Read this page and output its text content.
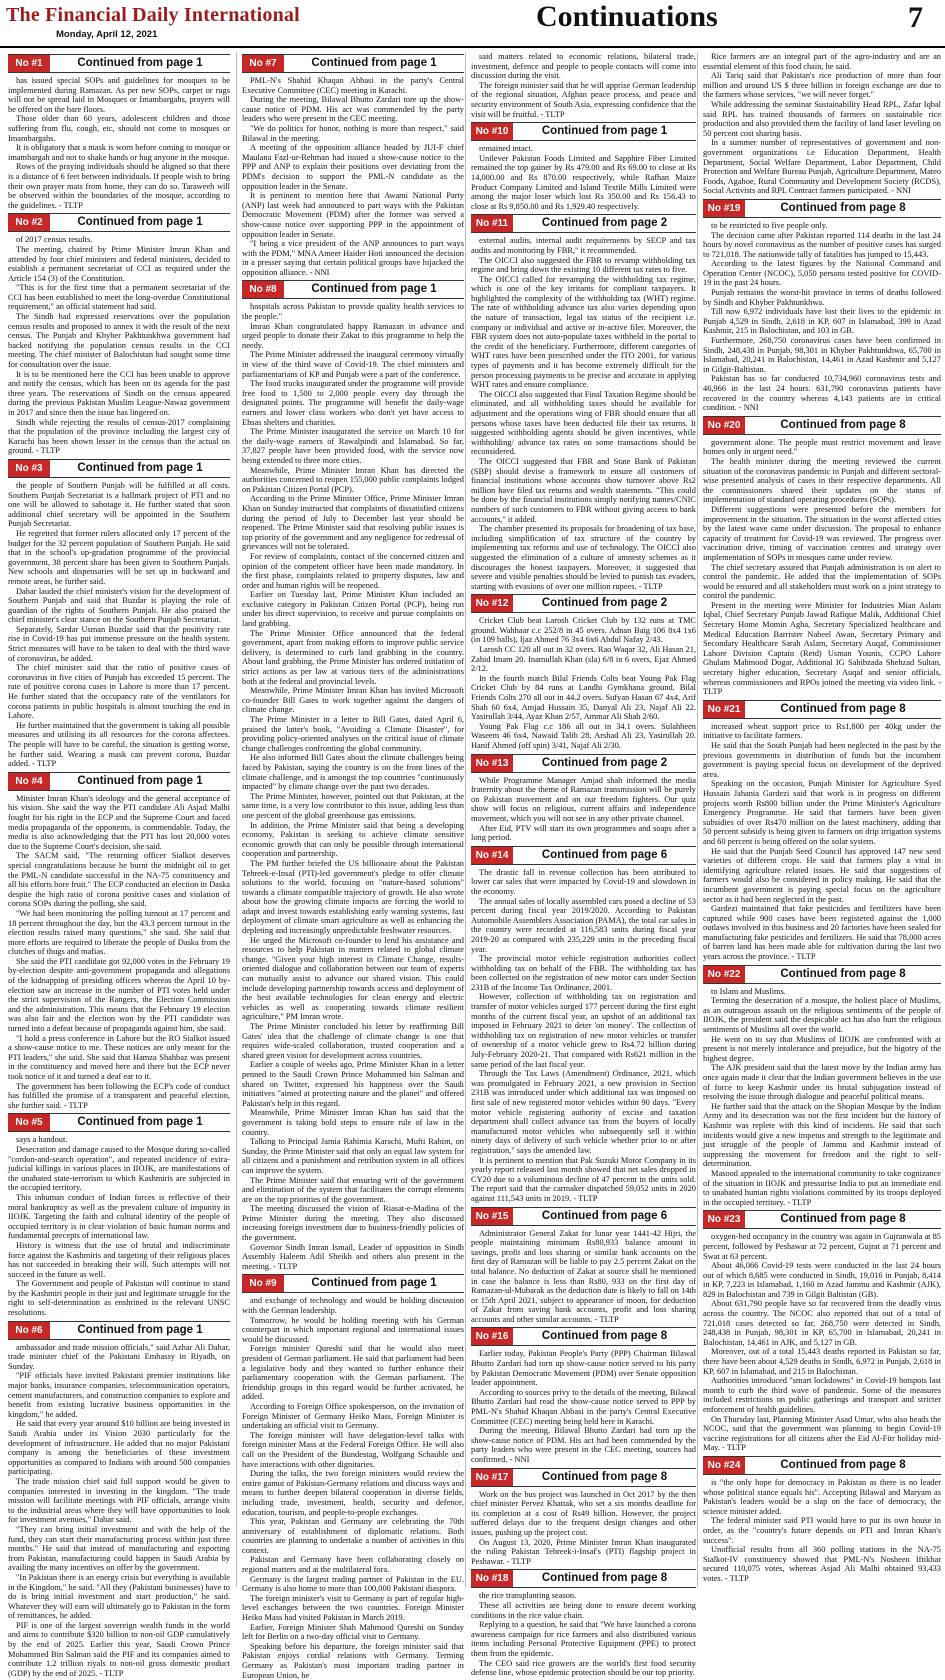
The Financial Daily International
Monday, April 12, 2021
Continuations	7
No #1	Continued from page 1

has issued special SOPs and guidelines for mosques to be implemented during Ramazan. As per new SOPs, carpet or rugs will not be spread laid in Mosques or Imambargahs, prayers will be offered on the bare floors.

Those older than 60 years, adolescent children and those suffering from flu, cough, etc, should not come to mosques or Imambargahs.

It is obligatory that a mask is worn before coming to mosque or imambargah and not to shake hands or hug anyone in the mosque.

Rows of the praying individuals should be aligned so that there is a distance of 6 feet between individuals. If people wish to bring their own prayer mats from home, they can do so. Taraweeh will be observed within the boundaries of the mosque, according to the guidelines. - TLTP

No #2	Continued from page 1

of 2017 census results.

The meeting, chaired by Prime Minister Imran Khan and attended by four chief ministers and federal ministers, decided to establish a permanent secretariat of CCI as required under the Article 154 (3) of the Constitution.

"This is for the first time that a permanent secretariat of the CCI has been established to meet the long-overdue Constitutional requirement," an official statement had said.

The Sindh had expressed reservations over the population census results and proposed to annex it with the result of the next census. The Punjab and Khyber Pakhtunkhwa government had backed notifying the population census results in the CCI meeting. The chief minister of Balochistan had sought some time for consultation over the issue.

It is to be mentioned here the CCI has been unable to approve and notify the census, which has been on its agenda for the past three years. The reservations of Sindh on the census appeared during the previous Pakistan Muslim League-Nawaz government in 2017 and since then the issue has lingered on.

Sindh while rejecting the results of census-2017 complaining that the population of the province including the largest city of Karachi has been shown lesser in the census than the actual on ground. - TLTP

No #3	Continued from page 1

the people of Southern Punjab will be fulfilled at all costs. Southern Punjab Secretariat is a hallmark project of PTI and no one will be allowed to sabotage it. He further stated that soon additional chief secretary will be appointed in the Southern Punjab Secretariat.

He regretted that former rulers allocated only 17 percent of the budget for the 32 percent population of Southern Punjab. He said that in the school's up-gradation programme of the provincial government, 38 percent share has been given to Southern Punjab. New schools and dispensaries will be set up in backward and remote areas, he further said.

Dahar lauded the chief minister's vision for the development of Southern Punjab and said that Buzdar is playing the role of guardian of the rights of Southern Punjab. He also praised the chief minister's clear stance on the Southern Punjab Secretariat.

Separately, Sardar Usman Buzdar said that the positivity rate rise in Covid-19 has put immense pressure on the health system. Strict measures will have to be taken to deal with the third wave of coronavirus, he added.

The chief minister said that the ratio of positive cases of coronavirus in five cities of Punjab has exceeded 15 percent. The rate of positive corona cases in Lahore is more than 17 percent. He further stated that the occupancy rate of the ventilators for corona patients in public hospitals is almost touching the end in Lahore.

He further maintained that the government is taking all possible measures and utilising its all resources for the corona affectees. The people will have to be careful, the situation is getting worse, he further said. Wearing a mask can prevent corona, Buzdar added. - TLTP

No #4	Continued from page 1

Minister Imran Khan's ideology and the general acceptance of his vision. She said the way the PTI candidate Ali Asjad Malhi fought for his right in the ECP and the Supreme Court and faced media propaganda of the opponents, is commendable. Today, the media is also acknowledging that the PTI has lost 20,000 votes due to the Supreme Court's decision, she said.

The SACM said, "The returning officer Sialkot deserves special congratulations because he burnt the midnight oil to get the PML-N candidate successful in the NA-75 constituency and all his efforts bore fruit." The ECP conducted an election in Daska despite the high ratio of corona positive cases and violation of corona SOPs during the polling, she said.

"We had been monitoring the polling turnout at 17 percent and 18 percent throughout the day, but the 43.3 percent turnout in the election results raised many questions," she said. She said that more efforts are required to liberate the people of Daska from the clutches of thugs and mafias.

She said the PTI candidate got 92,000 votes in the February 19 by-election despite anti-government propaganda and allegations of the kidnapping of presiding officers whereas the April 10 by-election saw an increase in the number of PTI votes held under the strict supervision of the Rangers, the Election Commission and the administration. This means that the February 19 election was also fair and the election won by the PTI candidate was turned into a defeat because of propaganda against him, she said.

"I hold a press conference in Lahore but the RO Sialkot issued a show-cause notice to me. These notices are only meant for the PTI leaders," she said. She said that Hamza Shahbaz was present in the constituency and moved here and there but the ECP never took notice of it and turned a deaf ear to it.

The government has been following the ECP's code of conduct has fulfilled the promise of a transparent and peaceful election, she further said. - TLTP

No #5	Continued from page 1

says a handout.

Desecration and damage caused to the Mosque during so-called "cordon-and-search operation", and repeated incidence of extra-judicial killings in various places in IIOJK, are manifestations of the unabated state-terrorism to which Kashmiris are subjected in the occupied territory.

This inhuman conduct of Indian forces is reflective of their moral bankruptcy as well as the prevalent culture of impunity in IIOJK. Targeting the faith and cultural identity of the people of occupied territory is in clear violation of basic human norms and fundamental precepts of international law.

History is witness that the use of brutal and indiscriminate force against the Kashmiris and targeting of their religious places has not succeeded in breaking their will. Such attempts will not succeed in the future as well.

The Government and people of Pakistan will continue to stand by the Kashmiri people in their just and legitimate struggle for the right to self-determination as enshrined in the relevant UNSC resolutions.

No #6	Continued from page 1

ambassador and trade mission officials," said Azhar Ali Dahar, trade minister chief of the Pakistani Embassy in Riyadh, on Sunday.

"PIF officials have invited Pakistani premier institutions like major banks, insurance companies, telecommunication operators, cement manufacturers, and construction companies to explore and benefit from existing lucrative business opportunities in the kingdom," he added.

He said that every year around $10 billion are being invested in Saudi Arabia under its Vision 2030 particularly for the development of infrastructure. He added that no major Pakistani company is among the beneficiaries of these investment opportunities as compared to Indians with around 500 companies participating.

The trade mission chief said full support would be given to companies interested in investing in the kingdom. "The trade mission will facilitate meetings with PIF officials, arrange visits to the industrial areas where they will have opportunities to look for investment avenues," Dahar said.

"They can bring initial investment and with the help of the fund, they can start their manufacturing process within just three months." He said that instead of manufacturing and exporting from Pakistan, manufacturing could happen in Saudi Arabia by availing the many incentives on offer by the government.

"In Pakistan there is an energy crisis but everything is available in the Kingdom," he said. "All they (Pakistani businesses) have to do is bring initial investment and start production," he said. Whatever they will earn will ultimately go to Pakistan in the form of remittances, he added.

PIF is one of the largest sovereign wealth funds in the world and aims to contribute $320 billion to non-oil GDP cumulatively by the end of 2025. Earlier this year, Saudi Crown Prince Mohammed Bin Salman said the PIF and its companies aimed to contribute 1.2 trillion riyals to non-oil gross domestic product (GDP) by the end of 2025. - TLTP

No #7	Continued from page 1

PML-N's Shahid Khaqan Abbasi in the party's Central Executive Committee (CEC) meeting in Karachi.

During the meeting, Bilawal Bhutto Zardari tore up the show-cause notice of PDM. His act was commended by the party leaders who were present in the CEC meeting.

"We do politics for honor, nothing is more than respect," said Bilawal in the meeting.

A meeting of the opposition alliance headed by JUI-F chief Maulana Fazl-ur-Rehman had issued a show-cause notice to the PPP and ANP to explain their positions over deviating from the PDM's decision to support the PML-N candidate as the opposition leader in the Senate.

It is pertinent to mention here that Awami National Party (ANP) last week had announced to part ways with the Pakistan Democratic Movement (PDM) after the former was served a show-cause notice over supporting PPP in the appointment of opposition leader in Senate.

"I being a vice president of the ANP announces to part ways with the PDM," MNA Ameer Haider Hoti announced the decision in a presser saying that certain political groups have hijacked the opposition alliance. - NNI

No #8	Continued from page 1

hospitals across Pakistan to provide quality health services to the people."

Imran Khan congratulated happy Ramazan in advance and urged people to donate their Zakat to this programme to help the needy.

The Prime Minister addressed the inaugural ceremony virtually in view of the third wave of Covid-19. The chief ministers and parliamentarians of KP and Punjab were a part of the conference.

The food trucks inaugurated under the programme will provide free food to 1,500 to 2,000 people every day through the designated points. The programme will benefit the daily-wage earners and lower class workers who don't yet have access to Ehsas shelters and charities.

The Prime Minister inaugurated the service on March 10 for the daily-wage earners of Rawalpindi and Islamabad. So far, 37,827 people have been provided food, with the service now being extended to three more cities.

Meanwhile, Prime Minister Imran Khan has directed the authorities concerned to reopen 155,000 public complaints lodged on Pakistan Citizen Portal (PCP).

According to the Prime Minister Office, Prime Minister Imran Khan on Sunday instructed that complaints of dissatisfied citizens during the period of July to December last year should be reopened. The Prime Minister said that resolving public issues is top priority of the government and any negligence for redressal of grievances will not be tolerated.

For review of complaints, contact of the concerned citizen and opinion of the competent officer have been made mandatory. In the first phase, complaints related to property disputes, law and order and human rights will be reopened.

Earlier on Tuesday last, Prime Minister Khan included an exclusive category in Pakistan Citizen Portal (PCP), being run under his direct supervision, to receive and pursue complaints on land grabbing.

The Prime Minister Office announced that the federal government, apart from making efforts to improve public service delivery, is determined to curb land grabbing in the country. About land grabbing, the Prime Minister has ordered initiation of strict actions as per law at various tiers of the administrations both at the federal and provincial levels.

Meanwhile, Prime Minister Imran Khan has invited Microsoft co-founder Bill Gates to work together against the dangers of climate change.

The Prime Minister in a letter to Bill Gates, dated April 6, praised the latter's book, "Avoiding a Climate Disaster", for providing policy-oriented analyses on the critical issue of climate change challenges confronting the global community.

He also informed Bill Gates about the climate challenges being faced by Pakistan, saying the country is on the front lines of the climate challenge, and is amongst the top countries "continuously impacted" by climate change over the past two decades.

The Prime Minister, however, pointed out that Pakistan, at the same time, is a very low contributor to this issue, adding less than one percent of the global greenhouse gas emissions.

In addition, the Prime Minister said that being a developing economy, Pakistan is seeking to achieve climate sensitive economic growth that can only be possible through international cooperation and partnership.

The PM further briefed the US billionaire about the Pakistan Tehreek-e-Insaf (PTI)-led government's pledge to offer climate solutions to the world, focusing on "nature-based solutions" towards a climate compatible trajectory of growth. He also wrote about how the growing climate impacts are forcing the world to adapt and invest towards establishing early warning systems, fast deployment of climate smart agriculture as well as enhancing the depleting and increasingly unpredictable freshwater resources.

He urged the Microsoft co-founder to lend his assistance and resources to help Pakistan in matters related to global climate change. "Given your high interest in Climate Change, results-oriented dialogue and collaboration between our team of experts can mutually assist to advance our shared vision. This could include developing partnership towards access and deployment of the best available technologies for clean energy and electric vehicles as well as cooperating towards climate resilient agriculture," PM Imran wrote.

The Prime Minister concluded his letter by reaffirming Bill Gates' idea that the challenge of climate change is one that requires wide-scaled collaboration, trusted cooperation and a shared green vision for development across countries.

Earlier a couple of weeks ago, Prime Minister Khan in a letter penned to the Saudi Crown Prince Mohammed bin Salman and shared on Twitter, expressed his happiness over the Saudi initiatives "aimed at protecting nature and the planet" and offered Pakistan's help in this regard.

Meanwhile, Prime Minister Imran Khan has said that the government is taking bold steps to ensure rule of law in the country.

Talking to Principal Jamia Rahimia Karachi, Mufti Rahim, on Sunday, the Prime Minister said that only an equal law system for all citizens and a punishment and retribution system in all offices can improve the system.

The Prime Minister said that ensuring writ of the government and elimination of the system that facilitates the corrupt elements are on the top priorities of the government.

The meeting discussed the vision of Riasat-e-Madina of the Prime Minister during the meeting. They also discussed increasing foreign investment due to business-friendly policies of the government.

Governor Sindh Imran Ismail, Leader of opposition in Sindh Assembly Haleem Adil Sheikh and others also present in the meeting. - TLTP

No #9	Continued from page 1

and exchange of technology and would be holding discussion with the German leadership.

Tomorrow, he would be holding meeting with his German counterpart in which important regional and international issues would be discussed.

Foreign minister Qureshi said that he would also meet president of German parliament. He said that parliament had been a legislative body and they wanted to further enhance their parliamentary cooperation with the German parliament. The friendship groups in this regard would be further activated, he added.

According to Foreign Office spokesperson, on the invitation of Foreign Minister of Germany Heiko Mass, Foreign Minister is undertaking an official visit to Germany.

The foreign minister will have delegation-level talks with foreign minister Mass at the Federal Foreign Office. He will also call on the President of the Bundestag, Wolfgang Schauble and have interactions with other dignitaries.

During the talks, the two foreign ministers would review the entire gamut of Pakistan-Germany relations and discuss ways and means to further deepen bilateral cooperation in diverse fields, including trade, investment, health, security and defence, education, tourism, and people-to-people exchanges.

This year, Pakistan and Germany are celebrating the 70th anniversary of establishment of diplomatic relations. Both countries are planning to undertake a number of activities in this context.

Pakistan and Germany have been collaborating closely on regional matters and at the multilateral fora.

Germany is the largest trading partner of Pakistan in the EU. Germany is also home to more than 100,000 Pakistani diaspora.

The foreign minister's visit to Germany is part of regular high-level exchanges between the two countries. Foreign Minister Heiko Mass had visited Pakistan in March 2019.

Earlier, Foreign Minister Shah Mahmood Qureshi on Sunday left for Berlin on a two-day official visit to Germany.

Speaking before his departure, the foreign minister said that Pakistan enjoys cordial relations with Germany. Terming Germany as Pakistan's most important trading partner in European Union, he

said matters related to economic relations, bilateral trade, investment, defence and people to people contacts will come into discussion during the visit.

The foreign minister said that he will apprise German leadership of the regional situation, Afghan peace process, and peace and security environment of South Asia, expressing confidence that the visit will be fruitful. - TLTP

No #10	Continued from page 1

remained intact.

Unilever Pakistan Foods Limited and Sapphire Fiber Limited remained the top gainer by Rs 479.00 and Rs 69.00 to close at Rs 14,000.00 and Rs 870.00 respectively, while Rafhan Maize Product Company Limited and Island Textile Mills Limited were among the major loser which lost Rs 350.00 and Rs 156.43 to close at Rs 9,850.00 and Rs 1,929.40 respectively.

No #11	Continued from page 2

external audits, internal audit requirements by SECP and tax audits and monitoring by FBR," it recommended.

The OICCI also suggested the FBR to revamp withholding tax regime and bring down the existing 10 different tax rates to five.

The OICCI called for revamping the withholding tax regime, which is one of the key irritants for compliant taxpayers. It highlighted the complexity of the withholding tax (WHT) regime. The rate of withholding advance tax also varies depending upon the nature of transaction, legal tax status of the recipient i.e. company or individual and active or in-active filer. Moreover, the FBR system does not auto-populate taxes withheld in the portal to the credit of the beneficiary. Furthermore, different categories of WHT rates have been prescribed under the ITO 2001, for various types of payments and it has become extremely difficult for the person processing payments to be precise and accurate in applying WHT rates and ensure compliance.

The OICCI also suggested that Final Taxation Regime should be eliminated, and all withholding taxes should be available for adjustment and the operations wing of FBR should ensure that all persons whose taxes have been deducted file their tax returns. It suggested withholding agents should be given incentives, while withholding/ advance tax rates on some transactions should be reconsidered.

The OICCI suggested that FBR and State Bank of Pakistan (SBP) should devise a framework to ensure all customers of financial institutions whose accounts show turnover above Rs2 million have filed tax returns and wealth statements. "This could be done by the financial institutions simply notifying names/CNIC numbers of such customers to FBR without giving access to bank accounts," it added.

The chamber presented its proposals for broadening of tax base, including simplification of tax structure of the country by implementing tax reforms and use of technology. The OICCI also suggested the elimination of a culture of amnesty schemes as it discourages the honest taxpayers. Moreover, it suggested that severe and visible penalties should be levied to punish tax evaders, starting with evasions of over one million rupees. - TLTP

No #12	Continued from page 2

Cricket Club beat Larosh Cricket Club by 132 runs at TMC ground. Wahhaar c.c 252/8 in 45 overs. Adnan Baig 106 8x4 1x6 (in 109 balls), Ijaz Ahmed 76 3x4 6x6 Abdul Nafay 2/43.

Larosh CC 120 all out in 32 overs. Rao Waqar 32, Ali Hasan 21, Zahid Imam 20. Inamullah Khan (sla) 6/8 in 6 overs, Ejaz Ahmed 2/12.

In the fourth match Bilal Friends Colts beat Young Pak Flag Cricket Club by 84 runs at Landhi Gymkhana ground. Bilal Friends Colts 270 all out in 44.2 overs. Sufyan Hasan 67 4x4, Arif Shah 60 6x4, Amjad Hussain 35, Danyal Ali 23, Najaf Ali 22. Yasirullah 3/44, Ayaz Khan 2/57, Ammar Ali Shah 2/60.

Young Pak Flag c.c 186 all out in 34.1 overs. Sulahheen Waseem 46 6x4, Nawaid Talib 28, Arshad Ali 23, Yasirullah 20. Hanif Ahmed (off spin) 3/41, Najaf Ali 2/30.

No #13	Continued from page 2

While Programme Manager Amjad shah informed the media fraternity about the theme of Ramazan transmission will be purely on Pakistan movement and on our freedom fighters. Our quiz show will focus on religious, current affairs and independence movement, which you will not see in any other private channel.

After Eid, PTV will start its own programmes and soaps after a long period.

No #14	Continued from page 6

The drastic fall in revenue collection has been attributed to lower car sales that were impacted by Covid-19 and slowdown in the economy.

The annual sales of locally assembled cars posed a decline of 53 percent during fiscal year 2019/2020. According to Pakistan Automobile Assemblers Association (PAMA), the total car sales in the country were recorded at 116,583 units during fiscal year 2019-20 as compared with 235,229 units in the preceding fiscal year.

The provincial motor vehicle registration authorities collect withholding tax on behalf of the FBR. The withholding tax has been collected on the registration of new motor cars under Section 231B of the Income Tax Ordinance, 2001.

However, collection of withholding tax on registration and transfer of motor vehicles surged 177 percent during the first eight months of the current fiscal year, an upshot of an additional tax imposed in February 2021 to deter 'on money'. The collection of withholding tax on registration of new motor vehicles or transfer of ownership of a motor vehicle grew to Rs4.72 billion during July-February 2020-21. That compared with Rs621 million in the same period of the last fiscal year.

Through the Tax Laws (Amendment) Ordinance, 2021, which was promulgated in February 2021, a new provision in Section 231B was introduced under which additional tax was imposed on first sale of new registered motor vehicles within 90 days. "Every motor vehicle registering authority of excise and taxation department shall collect advance tax from the buyers of locally manufactured motor vehicles who subsequently sell it within ninety days of delivery of such vehicle whether prior to or after registration," says the amended law.

It is pertinent to mention that Pak Suzuki Motor Company in its yearly report released last month showed that net sales dropped in CY20 due to a voluminous decline of 47 percent in the units sold. The report said that the carmaker dispatched 59,052 units in 2020 against 111,543 units in 2019. - TLTP

No #15	Continued from page 6

Administrator General Zakat for lunar year 1441-42 Hijri, the people maintaining minimum Rs80,933 balance amount in savings, profit and loss sharing or similar bank accounts on the first day of Ramazan will be liable to pay 2.5 percent Zakat on the total balance. No deduction of Zakat at source shall be mentioned in case the balance is less than Rs80, 933 on the first day of Ramazan-ul-Mubarak as the deduction date is likely to fall on 14th or 15th April 2021, subject to appearance of moon, for deduction of Zakat from saving bank accounts, profit and loss sharing accounts and other similar accounts. - TLTP

No #16	Continued from page 8

Earlier today, Pakistan People's Party (PPP) Chairman Bilawal Bhutto Zardari had torn up show-cause notice served to his party by Pakistan Democratic Movement (PDM) over Senate opposition leader appointment.

According to sources privy to the details of the meeting, Bilawal Bhutto Zardari had read the show-cause notice served to PPP by PML-N's Shahid Khaqan Abbasi in the party's Central Executive Committee (CEC) meeting being held here in Karachi.

During the meeting, Bilawal Bhutto Zardari had torn up the show-cause notice of PDM. His act had been commended by the party leaders who were present in the CEC meeting, sources had confirmed. - NNI

No #17	Continued from page 8

Work on the bus project was launched in Oct 2017 by the then chief minister Pervez Khattak, who set a six months deadline for its completion at a cost of Rs49 billion. However, the project suffered delays due to the frequent design changes and other issues, pushing up the project cost.

On August 13, 2020, Prime Minister Imran Khan inaugurated the ruling Pakistan Tehreek-i-Insaf's (PTI) flagship project in Peshawar. - TLTP

No #18	Continued from page 8

the rice transplanting season.

These all activities are being done to ensure decent working conditions in the rice value chain.

Replying to a question, he said that "We have launched a corona awareness campaign for rice farmers and also distributed various items including Personal Protective Equipment (PPE) to protect them from the epidemic.

The CEO said rice growers are the world's first food security defense line, whose epidemic protection should be our top priority.

Rice farmers are an integral part of the agro-industry and are an essential element of this food chain, he said.

Ali Tariq said that Pakistan's rice production of more than four million and around US $ three billion in foreign exchange are due to the farmers whose services, "we will never forget."

While addressing the seminar Sustainability Head RPL, Zafar Iqbal said RPL has trained thousands of farmers on sustainable rice production and also provided them the facility of land laser leveling on 50 percent cost sharing basis.

In a summer number of representatives of government and non-government organizations i.e Education Department, Health Department, Social Welfare Department, Labor Department, Child Protection and Welfare Bureau Punjab, Agriculture Department, Mateo Foods, Agahoe, Rural Community and Development Society (RCDS), Social Activists and RPL Contract farmers participated. - NNI

No #19	Continued from page 8

to be restricted to five people only.

The decision came after Pakistan reported 114 deaths in the last 24 hours by novel coronavirus as the number of positive cases has surged to 721,018. The nationwide tally of fatalities has jumped to 15,443.

According to the latest figures by the National Command and Operation Center (NCOC), 5,050 persons tested positive for COVID-19 in the past 24 hours.

Punjab remains the worst-hit province in terms of deaths followed by Sindh and Khyber Pakhtunkhwa.

Till now 6,972 individuals have lost their lives to the epidemic in Punjab 4,529 in Sindh, 2,618 in KP, 607 in Islamabad, 399 in Azad Kashmir, 215 in Balochistan, and 103 in GB.

Furthermore, 268,750 coronavirus cases have been confirmed in Sindh, 248,438 in Punjab, 98,301 in Khyber Pakhtunkhwa, 65,700 in Islamabad, 20,241 in Balochistan, 14,461 in Azad Kashmir and 5,127 in Gilgit-Baltistan.

Pakistan has so far conducted 10,734,960 coronavirus tests and 46,966 in the last 24 hours. 631,790 coronavirus patients have recovered in the country whereas 4,143 patients are in critical condition. - NNI

No #20	Continued from page 8

government alone. The people must restrict movement and leave homes only in urgent need."

The health minister during the meeting reviewed the current situation of the coronavirus pandemic in Punjab and different sectoral-wise presented analysis of cases in their respective departments. All the commissioners shared their updates on the status of implementation of standard operating procedures (SOPs).

Different suggestions were presented before the members for improvement in the situation. The situation in the worst affected cities by the latest wave came under discussion. The proposal to enhance capacity of treatment for Covid-19 was reviewed. The progress over vaccination drive, timing of vaccination centres and strategy over implementation of SOPs in mosques came under review.

The chief secretary assured that Punjab administration is on alert to control the pandemic. He added that the implementation of SOPs would be ensured and all stakeholders must work on a joint strategy to control the pandemic.

Present in the meeting were Minister for Industries Mian Aslam Iqbal, Chief Secretary Punjab Jawad Rafique Malik, Additional Chief Secretary Home Momin Agha, Secretary Specialized healthcare and Medical Education Barrister Nabeel Awan, Secretary Primary and Secondary Healthcare Sarah Aslam, Secretary Auqaf, Commissioner Lahore Division Captain (Retd) Usman Younis, CCPO Lahore Ghulam Mahmood Dogar, Additional IG Sahibzada Shehzad Sultan, secretary higher education, Secretary Auqaf and senior officials, whereas commissioners and RPOs joined the meeting via video link. - TLTP

No #21	Continued from page 8

increased wheat support price to Rs1,800 per 40kg under the initiative to facilitate farmers.

He said that the South Punjab had been neglected in the past by the previous governments in distribution of funds but the incumbent government is paying special focus on development of the deprived area.

Speaking on the occasion, Punjab Minister for Agriculture Syed Hussain Jahania Gardezi said that work is in progress on different projects worth Rs800 billion under the Prime Minister's Agriculture Emergency Programme. He said that farmers have been given subsidies of over Rs470 million on the latest machinery, adding that 50 percent subsidy is being given to farmers on drip irrigation systems and 60 percent is being offered on the solar system.

He said that the Punjab Seed Council has approved 147 new seed varieties of different crops. He said that farmers play a vital in identifying agriculture related issues. He said that suggestions of farmers would also be considered in policy making. He said that the incumbent government is paying special focus on the agriculture sector as it had been neglected in the past.

Gardezi maintained that fake pesticides and fertilizers have been captured while 900 cases have been registered against the 1,000 outlaws involved in this business and 20 factories have been sealed for manufacturing fake pesticides and fertilizers. He said that 78,000 acres of barren land has been made able for cultivation during the last two years across the province. - TLTP

No #22	Continued from page 8

to Islam and Muslims.

Terming the desecration of a mosque, the holiest place of Muslims, as an outrageous assault on the religious sentiments of the people of IIOJK, the president said the despicable act has also hurt the religious sentiments of Muslims all over the world.

He went on to say that Muslims of IIOJK are confronted with at present is not merely intolerance and prejudice, but the bigotry of the highest degree.

The AJK president said that the latest move by the Indian army has once again made it clear that the Indian government believes in the use of force to keep Kashmir under its brutal subjugation instead of resolving the issue through dialogue and peaceful political means.

He further said that the attack on the Shopian Mosque by the Indian Army and its desecration was not the first incident but the history of Kashmir was replete with this kind of incidents. He said that such incidents would give a new impetus and strength to the legitimate and just struggle of the people of Jammu and Kashmir instead of suppressing the movement for freedom and the right to self-determination.

Masood appealed to the international community to take cognizance of the situation in IIOJK and pressurise India to put an immediate end to unabated human rights violations committed by its troops deployed in the occupied territory. - TLTP

No #23	Continued from page 8

oxygen-bed occupancy in the country was again in Gujranwala at 85 percent, followed by Peshawar at 72 percent, Gujrat at 71 percent and Swat at 63 percent.

About 46,066 Covid-19 tests were conducted in the last 24 hours out of which 8,685 were conducted in Sindh, 19,016 in Punjab, 8,414 in KP, 7,223 in Islamabad, 1,160 in Azad Jammu and Kashmir (AJK), 829 in Balochistan and 739 in Gilgit Baltistan (GB).

About 631,790 people have so far recovered from the deadly virus across the country. The NCOC also reported that out of a total of 721,018 cases detected so far, 268,750 were detected in Sindh, 248,438 in Punjab, 98,301 in KP, 65,700 in Islamabad, 20,241 in Balochistan, 14,461 in AJK, and 5,127 in GB.

Moreover, out of a total 15,443 deaths reported in Pakistan so far, there have been about 4,529 deaths in Sindh, 6,972 in Punjab, 2,618 in KP, 607 in Islamabad, and 215 in Balochistan.

Authorities introduced "smart lockdowns" in Covid-19 hotspots last month to curb the third wave of pandemic. Some of the measures included restrictions on public gatherings and transport and stricter enforcement of health guidelines.

On Thursday last, Planning Minister Asad Umar, who also heads the NCOC, said that the government was planning to begin Covid-19 vaccine registrations for all citizens after the Eid Al-Fitr holiday mid-May. - TLTP

No #24	Continued from page 8

is "the only hope for democracy in Pakistan as there is no leader whose political stance equals his". Accepting Bilawal and Maryam as Pakistan's leaders would be a slap on the face of democracy, the science minister added.

The federal minister said PTI would have to put its own house in order, as the "country's future depends on PTI and Imran Khan's success".

Unofficial results from all 360 polling stations in the NA-75 Sialkot-IV constituency showed that PML-N's Nosheen Iftikhar secured 110,075 votes, whereas Asjad Ali Malhi obtained 93,433 votes. - TLTP
